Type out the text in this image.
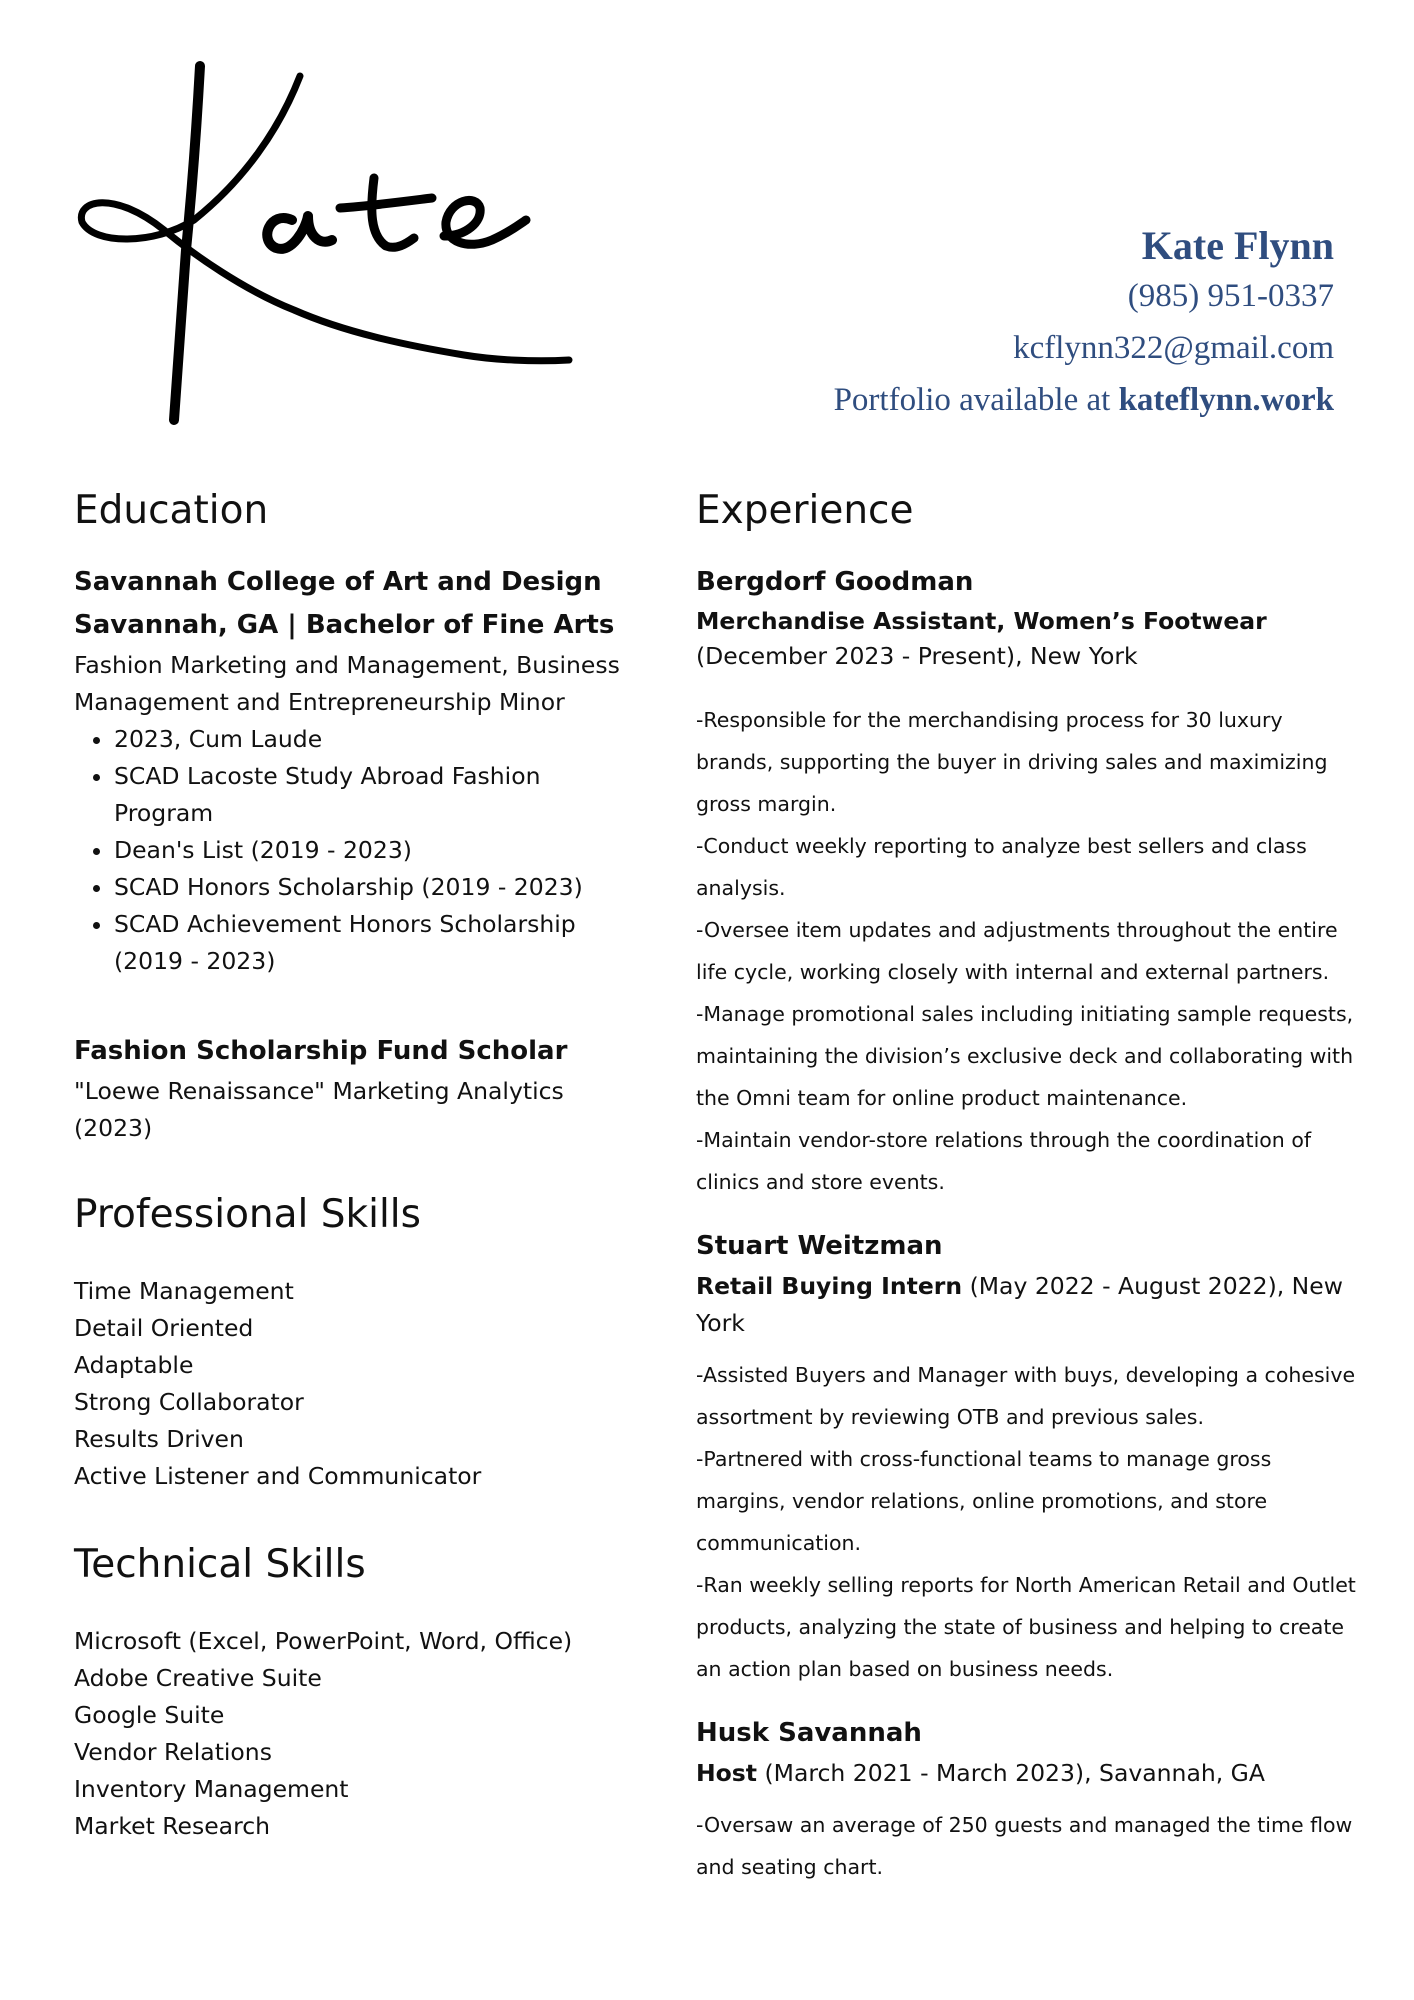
Kate Flynn
(985) 951-0337
kcflynn322@gmail.com
Portfolio available at kateflynn.work
Education
Savannah College of Art and Design
Savannah, GA | Bachelor of Fine Arts
Fashion Marketing and Management, Business Management and Entrepreneurship Minor
• 2023, Cum Laude
• SCAD Lacoste Study Abroad Fashion Program
• Dean's List (2019 - 2023)
• SCAD Honors Scholarship (2019 - 2023)
• SCAD Achievement Honors Scholarship (2019 - 2023)
Fashion Scholarship Fund Scholar
"Loewe Renaissance" Marketing Analytics (2023)
Professional Skills
Time Management
Detail Oriented
Adaptable
Strong Collaborator
Results Driven
Active Listener and Communicator
Technical Skills
Microsoft (Excel, PowerPoint, Word, Office)
Adobe Creative Suite
Google Suite
Vendor Relations
Inventory Management
Market Research
Experience
Bergdorf Goodman
Merchandise Assistant, Women’s Footwear
(December 2023 - Present), New York
-Responsible for the merchandising process for 30 luxury brands, supporting the buyer in driving sales and maximizing gross margin.
-Conduct weekly reporting to analyze best sellers and class analysis.
-Oversee item updates and adjustments throughout the entire life cycle, working closely with internal and external partners.
-Manage promotional sales including initiating sample requests, maintaining the division’s exclusive deck and collaborating with the Omni team for online product maintenance.
-Maintain vendor-store relations through the coordination of clinics and store events.
Stuart Weitzman
Retail Buying Intern (May 2022 - August 2022), New York
-Assisted Buyers and Manager with buys, developing a cohesive assortment by reviewing OTB and previous sales.
-Partnered with cross-functional teams to manage gross margins, vendor relations, online promotions, and store communication.
-Ran weekly selling reports for North American Retail and Outlet products, analyzing the state of business and helping to create an action plan based on business needs.
Husk Savannah
Host (March 2021 - March 2023), Savannah, GA
-Oversaw an average of 250 guests and managed the time flow and seating chart.
